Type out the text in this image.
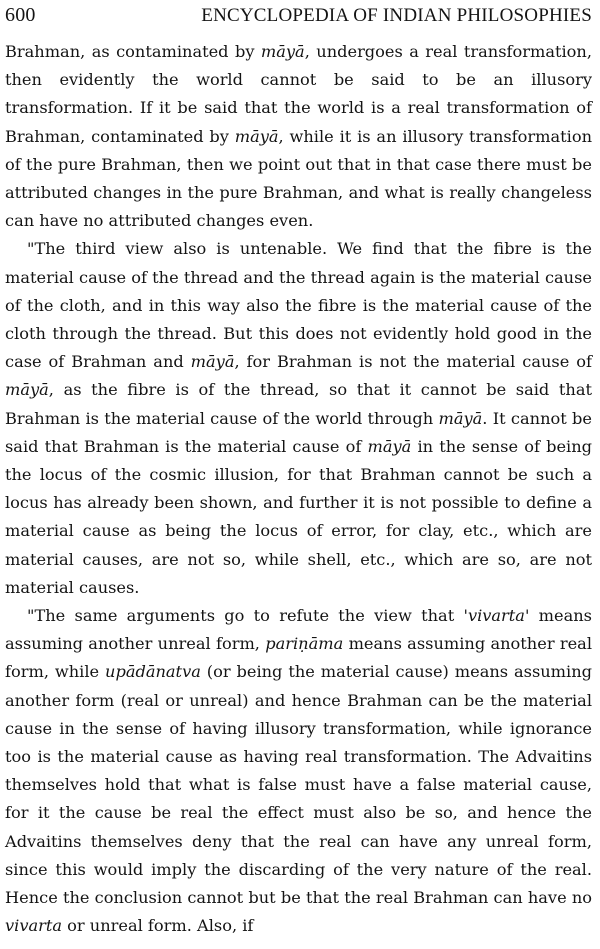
600	ENCYCLOPEDIA OF INDIAN PHILOSOPHIES

Brahman, as contaminated by māyā, undergoes a real transformation, then evidently the world cannot be said to be an illusory transformation. If it be said that the world is a real transformation of Brahman, contaminated by māyā, while it is an illusory transformation of the pure Brahman, then we point out that in that case there must be attributed changes in the pure Brahman, and what is really changeless can have no attributed changes even.

"The third view also is untenable. We find that the fibre is the material cause of the thread and the thread again is the material cause of the cloth, and in this way also the fibre is the material cause of the cloth through the thread. But this does not evidently hold good in the case of Brahman and māyā, for Brahman is not the material cause of māyā, as the fibre is of the thread, so that it cannot be said that Brahman is the material cause of the world through māyā. It cannot be said that Brahman is the material cause of māyā in the sense of being the locus of the cosmic illusion, for that Brahman cannot be such a locus has already been shown, and further it is not possible to define a material cause as being the locus of error, for clay, etc., which are material causes, are not so, while shell, etc., which are so, are not material causes.

"The same arguments go to refute the view that 'vivarta' means assuming another unreal form, pariṇāma means assuming another real form, while upādānatva (or being the material cause) means assuming another form (real or unreal) and hence Brahman can be the material cause in the sense of having illusory transformation, while ignorance too is the material cause as having real transformation. The Advaitins themselves hold that what is false must have a false material cause, for it the cause be real the effect must also be so, and hence the Advaitins themselves deny that the real can have any unreal form, since this would imply the discarding of the very nature of the real. Hence the conclusion cannot but be that the real Brahman can have no vivarta or unreal form. Also, if
